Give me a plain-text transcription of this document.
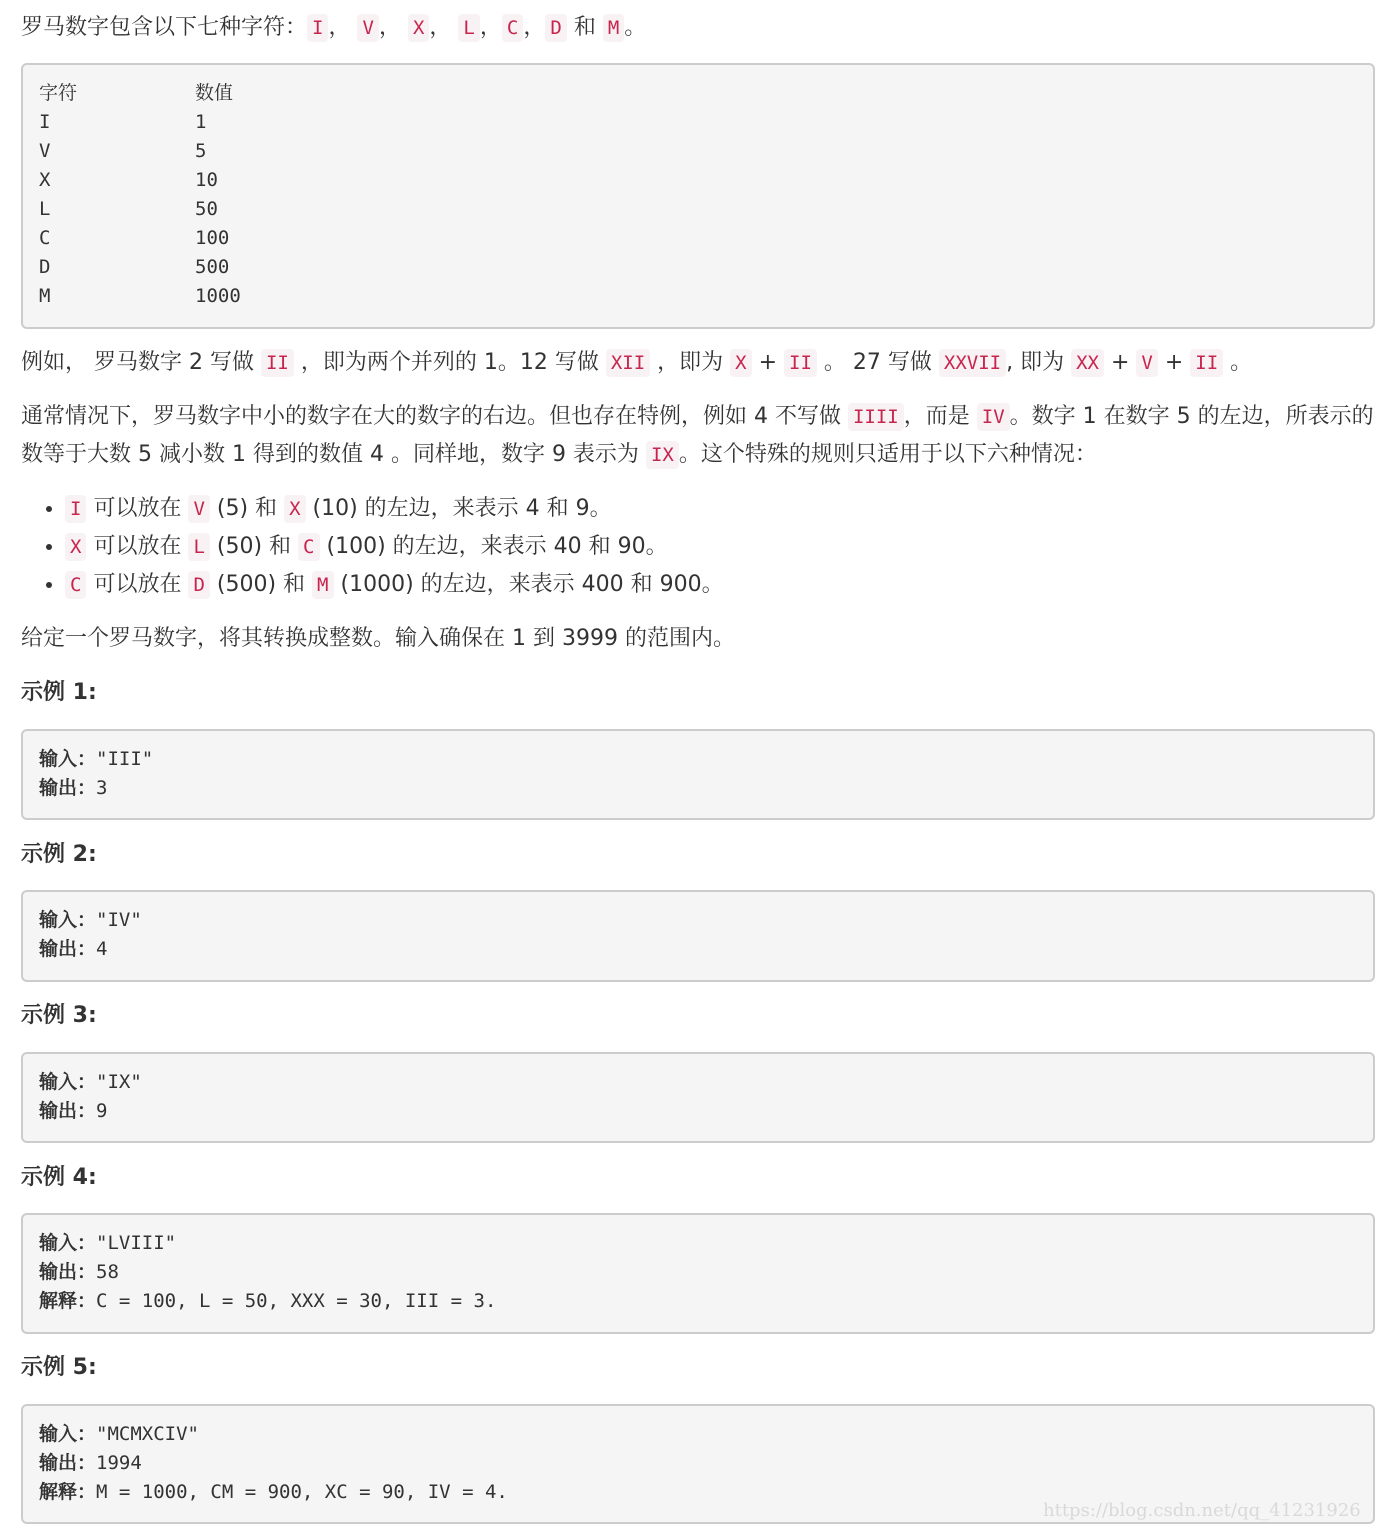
罗马数字包含以下七种字符： I ， V ， X ， L ， C ， D 和 M 。

字符	数值
I	1
V	5
X	10
L	50
C	100
D	500
M	1000

例如， 罗马数字 2 写做 II ，即为两个并列的 1。12 写做 XII ，即为 X + II 。 27 写做 XXVII , 即为 XX + V + II 。

通常情况下，罗马数字中小的数字在大的数字的右边。但也存在特例，例如 4 不写做 IIII ，而是 IV 。数字 1 在数字 5 的左边，所表示的数等于大数 5 减小数 1 得到的数值 4 。同样地，数字 9 表示为 IX 。这个特殊的规则只适用于以下六种情况：

• I 可以放在 V (5) 和 X (10) 的左边，来表示 4 和 9。
• X 可以放在 L (50) 和 C (100) 的左边，来表示 40 和 90。
• C 可以放在 D (500) 和 M (1000) 的左边，来表示 400 和 900。

给定一个罗马数字，将其转换成整数。输入确保在 1 到 3999 的范围内。

示例 1:
输入："III"
输出：3
示例 2:
输入："IV"
输出：4
示例 3:
输入："IX"
输出：9
示例 4:
输入："LVIII"
输出：58
解释：C = 100, L = 50, XXX = 30, III = 3.
示例 5:
输入："MCMXCIV"
输出：1994
解释：M = 1000, CM = 900, XC = 90, IV = 4.
https://blog.csdn.net/qq_41231926
